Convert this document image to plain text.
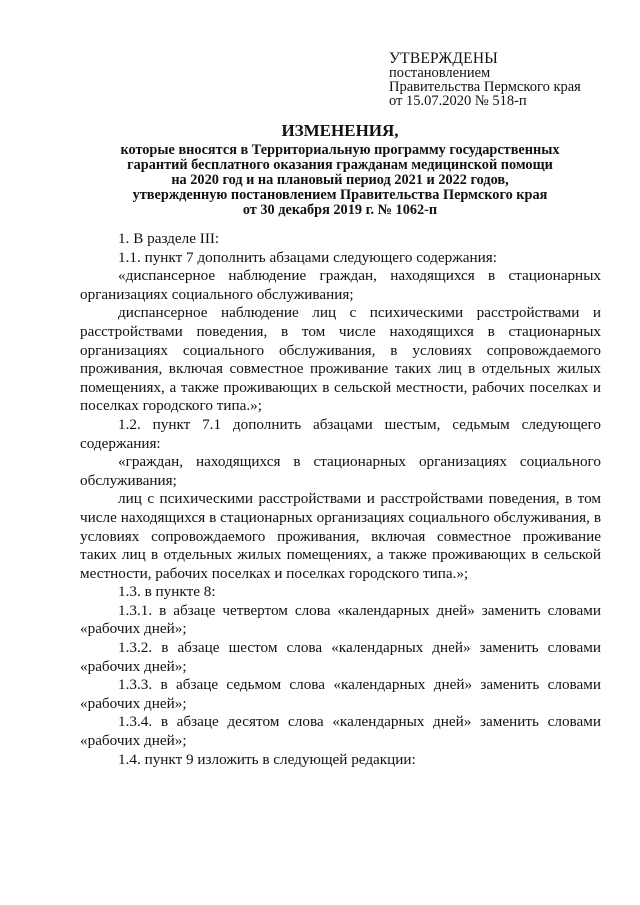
УТВЕРЖДЕНЫ
постановлением
Правительства Пермского края
от 15.07.2020 № 518-п
ИЗМЕНЕНИЯ,
которые вносятся в Территориальную программу государственных
гарантий бесплатного оказания гражданам медицинской помощи
на 2020 год и на плановый период 2021 и 2022 годов,
утвержденную постановлением Правительства Пермского края
от 30 декабря 2019 г. № 1062-п

1. В разделе III:

1.1. пункт 7 дополнить абзацами следующего содержания:

«диспансерное наблюдение граждан, находящихся в стационарных организациях социального обслуживания;

диспансерное наблюдение лиц с психическими расстройствами и расстройствами поведения, в том числе находящихся в стационарных организациях социального обслуживания, в условиях сопровождаемого проживания, включая совместное проживание таких лиц в отдельных жилых помещениях, а также проживающих в сельской местности, рабочих поселках и поселках городского типа.»;

1.2. пункт 7.1 дополнить абзацами шестым, седьмым следующего содержания:

«граждан, находящихся в стационарных организациях социального обслуживания;

лиц с психическими расстройствами и расстройствами поведения, в том числе находящихся в стационарных организациях социального обслуживания, в условиях сопровождаемого проживания, включая совместное проживание таких лиц в отдельных жилых помещениях, а также проживающих в сельской местности, рабочих поселках и поселках городского типа.»;

1.3. в пункте 8:

1.3.1. в абзаце четвертом слова «календарных дней» заменить словами «рабочих дней»;

1.3.2. в абзаце шестом слова «календарных дней» заменить словами «рабочих дней»;

1.3.3. в абзаце седьмом слова «календарных дней» заменить словами «рабочих дней»;

1.3.4. в абзаце десятом слова «календарных дней» заменить словами «рабочих дней»;

1.4. пункт 9 изложить в следующей редакции:
